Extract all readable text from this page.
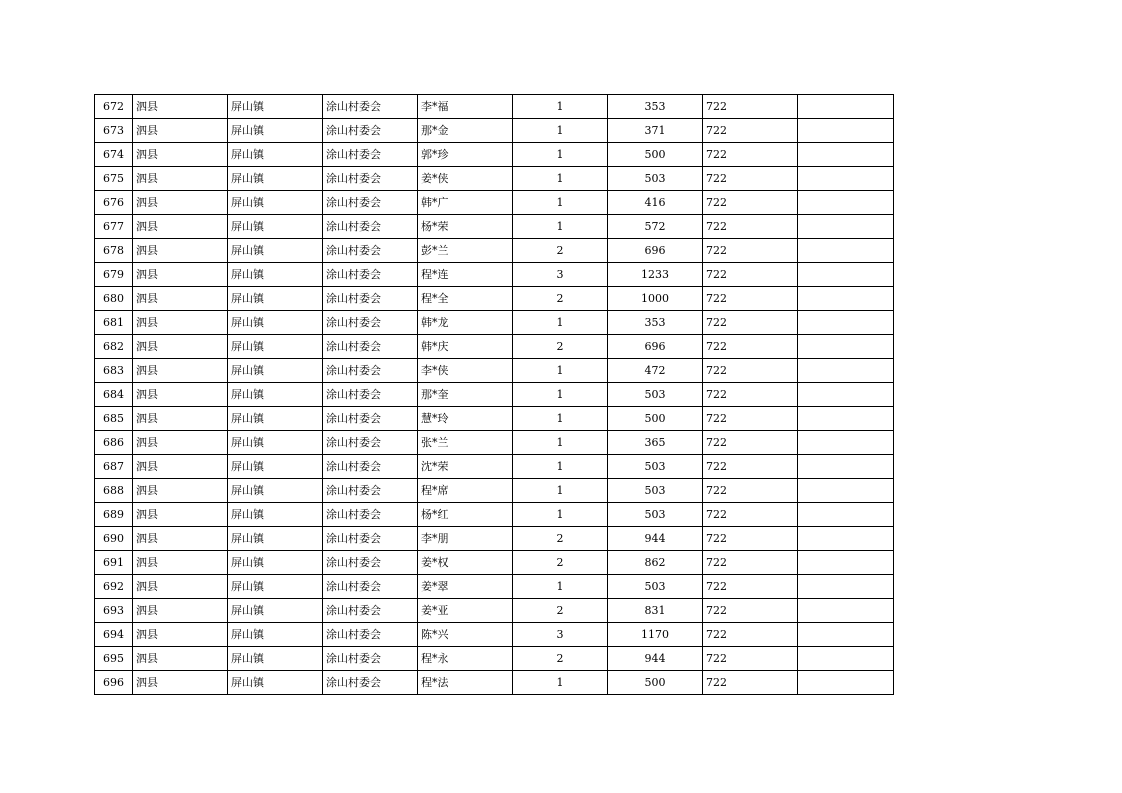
672	泗县	屏山镇	涂山村委会	李*福	1	353	722	
673	泗县	屏山镇	涂山村委会	那*金	1	371	722	
674	泗县	屏山镇	涂山村委会	郭*珍	1	500	722	
675	泗县	屏山镇	涂山村委会	姜*侠	1	503	722	
676	泗县	屏山镇	涂山村委会	韩*广	1	416	722	
677	泗县	屏山镇	涂山村委会	杨*荣	1	572	722	
678	泗县	屏山镇	涂山村委会	彭*兰	2	696	722	
679	泗县	屏山镇	涂山村委会	程*连	3	1233	722	
680	泗县	屏山镇	涂山村委会	程*全	2	1000	722	
681	泗县	屏山镇	涂山村委会	韩*龙	1	353	722	
682	泗县	屏山镇	涂山村委会	韩*庆	2	696	722	
683	泗县	屏山镇	涂山村委会	李*侠	1	472	722	
684	泗县	屏山镇	涂山村委会	那*奎	1	503	722	
685	泗县	屏山镇	涂山村委会	慧*玲	1	500	722	
686	泗县	屏山镇	涂山村委会	张*兰	1	365	722	
687	泗县	屏山镇	涂山村委会	沈*荣	1	503	722	
688	泗县	屏山镇	涂山村委会	程*席	1	503	722	
689	泗县	屏山镇	涂山村委会	杨*红	1	503	722	
690	泗县	屏山镇	涂山村委会	李*朋	2	944	722	
691	泗县	屏山镇	涂山村委会	姜*权	2	862	722	
692	泗县	屏山镇	涂山村委会	姜*翠	1	503	722	
693	泗县	屏山镇	涂山村委会	姜*亚	2	831	722	
694	泗县	屏山镇	涂山村委会	陈*兴	3	1170	722	
695	泗县	屏山镇	涂山村委会	程*永	2	944	722	
696	泗县	屏山镇	涂山村委会	程*法	1	500	722	
